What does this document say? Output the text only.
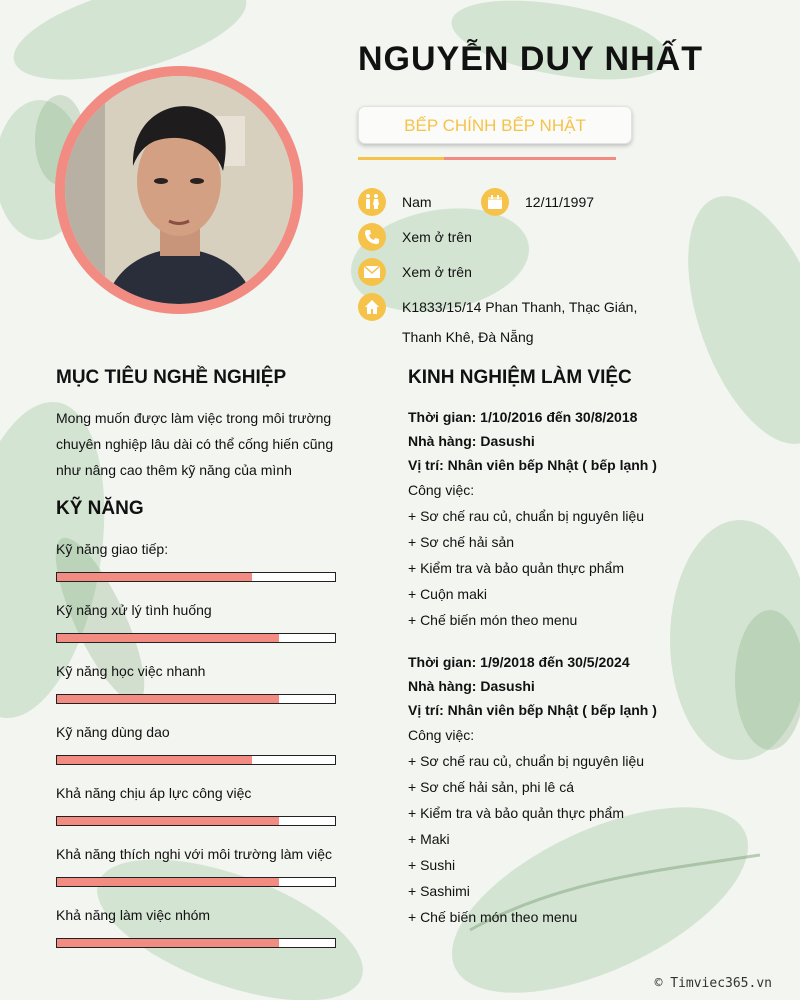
NGUYỄN DUY NHẤT
BẾP CHÍNH BẾP NHẬT
Nam	12/11/1997
Xem ở trên
Xem ở trên
K1833/15/14 Phan Thanh, Thạc Gián,
Thanh Khê, Đà Nẵng
MỤC TIÊU NGHỀ NGHIỆP
Mong muốn được làm việc trong môi trường
chuyên nghiệp lâu dài có thể cống hiến cũng
như nâng cao thêm kỹ năng của mình
KỸ NĂNG
Kỹ năng giao tiếp:
Kỹ năng xử lý tình huống
Kỹ năng học việc nhanh
Kỹ năng dùng dao
Khả năng chịu áp lực công việc
Khả năng thích nghi với môi trường làm việc
Khả năng làm việc nhóm
KINH NGHIỆM LÀM VIỆC
Thời gian: 1/10/2016 đến 30/8/2018
Nhà hàng: Dasushi
Vị trí: Nhân viên bếp Nhật ( bếp lạnh )
Công việc:
+ Sơ chế rau củ, chuẩn bị nguyên liệu
+ Sơ chế hải sản
+ Kiểm tra và bảo quản thực phẩm
+ Cuộn maki
+ Chế biến món theo menu
Thời gian: 1/9/2018 đến 30/5/2024
Nhà hàng: Dasushi
Vị trí: Nhân viên bếp Nhật ( bếp lạnh )
Công việc:
+ Sơ chế rau củ, chuẩn bị nguyên liệu
+ Sơ chế hải sản, phi lê cá
+ Kiểm tra và bảo quản thực phẩm
+ Maki
+ Sushi
+ Sashimi
+ Chế biến món theo menu
© Timviec365.vn
